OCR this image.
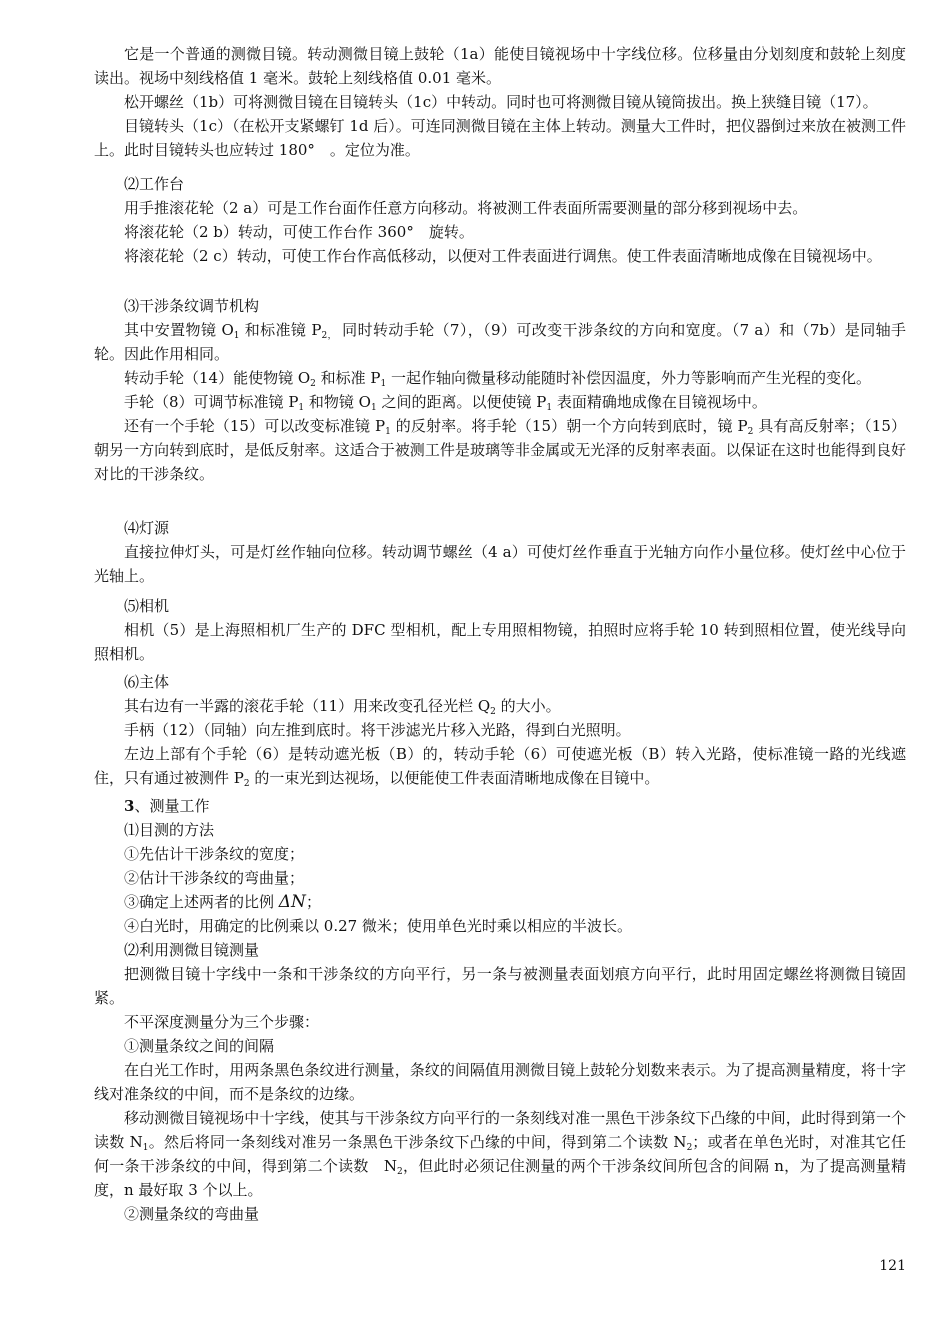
它是一个普通的测微目镜。转动测微目镜上鼓轮（1a）能使目镜视场中十字线位移。位移量由分划刻度和鼓轮上刻度读出。视场中刻线格值 1 毫米。鼓轮上刻线格值 0.01 毫米。

松开螺丝（1b）可将测微目镜在目镜转头（1c）中转动。同时也可将测微目镜从镜筒拔出。换上狭缝目镜（17）。

目镜转头（1c）（在松开支紧螺钉 1d 后）。可连同测微目镜在主体上转动。测量大工件时，把仪器倒过来放在被测工件上。此时目镜转头也应转过 180°　。定位为准。

⑵工作台

用手推滚花轮（2 a）可是工作台面作任意方向移动。将被测工件表面所需要测量的部分移到视场中去。

将滚花轮（2 b）转动，可使工作台作 360°　旋转。

将滚花轮（2 c）转动，可使工作台作高低移动，以便对工件表面进行调焦。使工件表面清晰地成像在目镜视场中。

⑶干涉条纹调节机构

其中安置物镜 $O_1$ 和标准镜 $P_{2,}$ 同时转动手轮（7），（9）可改变干涉条纹的方向和宽度。（7 a）和（7b）是同轴手轮。因此作用相同。

转动手轮（14）能使物镜 $O_2$ 和标准 $P_1$ 一起作轴向微量移动能随时补偿因温度，外力等影响而产生光程的变化。

手轮（8）可调节标准镜 $P_1$ 和物镜 $O_1$ 之间的距离。以便使镜 $P_1$ 表面精确地成像在目镜视场中。

还有一个手轮（15）可以改变标准镜 $P_1$ 的反射率。将手轮（15）朝一个方向转到底时，镜 $P_2$ 具有高反射率；（15）朝另一方向转到底时，是低反射率。这适合于被测工件是玻璃等非金属或无光泽的反射率表面。以保证在这时也能得到良好对比的干涉条纹。

⑷灯源

直接拉伸灯头，可是灯丝作轴向位移。转动调节螺丝（4 a）可使灯丝作垂直于光轴方向作小量位移。使灯丝中心位于光轴上。

⑸相机

相机（5）是上海照相机厂生产的 DFC 型相机，配上专用照相物镜，拍照时应将手轮 10 转到照相位置，使光线导向照相机。

⑹主体

其右边有一半露的滚花手轮（11）用来改变孔径光栏 $Q_2$ 的大小。

手柄（12）（同轴）向左推到底时。将干涉滤光片移入光路，得到白光照明。

左边上部有个手轮（6）是转动遮光板（B）的，转动手轮（6）可使遮光板（B）转入光路，使标准镜一路的光线遮住，只有通过被测件 $P_2$ 的一束光到达视场，以便能使工件表面清晰地成像在目镜中。

3、测量工作

⑴目测的方法

①先估计干涉条纹的宽度；

②估计干涉条纹的弯曲量；

③确定上述两者的比例 ΔN；

④白光时，用确定的比例乘以 0.27 微米；使用单色光时乘以相应的半波长。

⑵利用测微目镜测量

把测微目镜十字线中一条和干涉条纹的方向平行，另一条与被测量表面划痕方向平行，此时用固定螺丝将测微目镜固紧。

不平深度测量分为三个步骤：

①测量条纹之间的间隔

在白光工作时，用两条黑色条纹进行测量，条纹的间隔值用测微目镜上鼓轮分划数来表示。为了提高测量精度，将十字线对准条纹的中间，而不是条纹的边缘。

移动测微目镜视场中十字线，使其与干涉条纹方向平行的一条刻线对准一黑色干涉条纹下凸缘的中间，此时得到第一个读数 $N_1$。然后将同一条刻线对准另一条黑色干涉条纹下凸缘的中间，得到第二个读数 $N_2$；或者在单色光时，对准其它任何一条干涉条纹的中间，得到第二个读数　$N_2$，但此时必须记住测量的两个干涉条纹间所包含的间隔 n，为了提高测量精度，n 最好取 3 个以上。

②测量条纹的弯曲量

121
